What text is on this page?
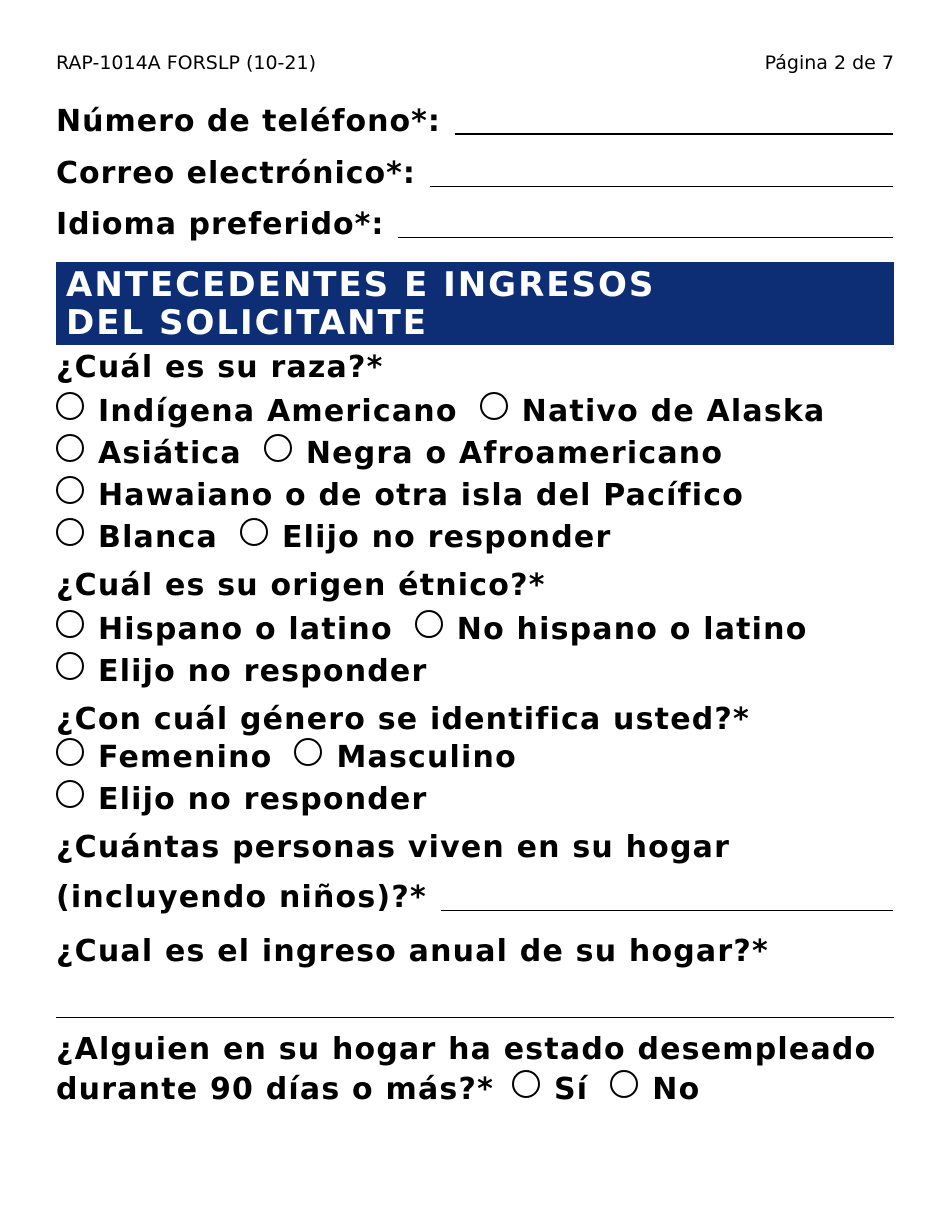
RAP-1014A FORSLP (10-21)	Página 2 de 7
Número de teléfono*:
Correo electrónico*:
Idioma preferido*:
ANTECEDENTES E INGRESOS
DEL SOLICITANTE
¿Cuál es su raza?*
Indígena Americano Nativo de Alaska
Asiática Negra o Afroamericano
Hawaiano o de otra isla del Pacífico
Blanca Elijo no responder
¿Cuál es su origen étnico?*
Hispano o latino No hispano o latino
Elijo no responder
¿Con cuál género se identifica usted?*
Femenino Masculino
Elijo no responder
¿Cuántas personas viven en su hogar
(incluyendo niños)?*
¿Cual es el ingreso anual de su hogar?*
¿Alguien en su hogar ha estado desempleado
durante 90 días o más?* Sí No
